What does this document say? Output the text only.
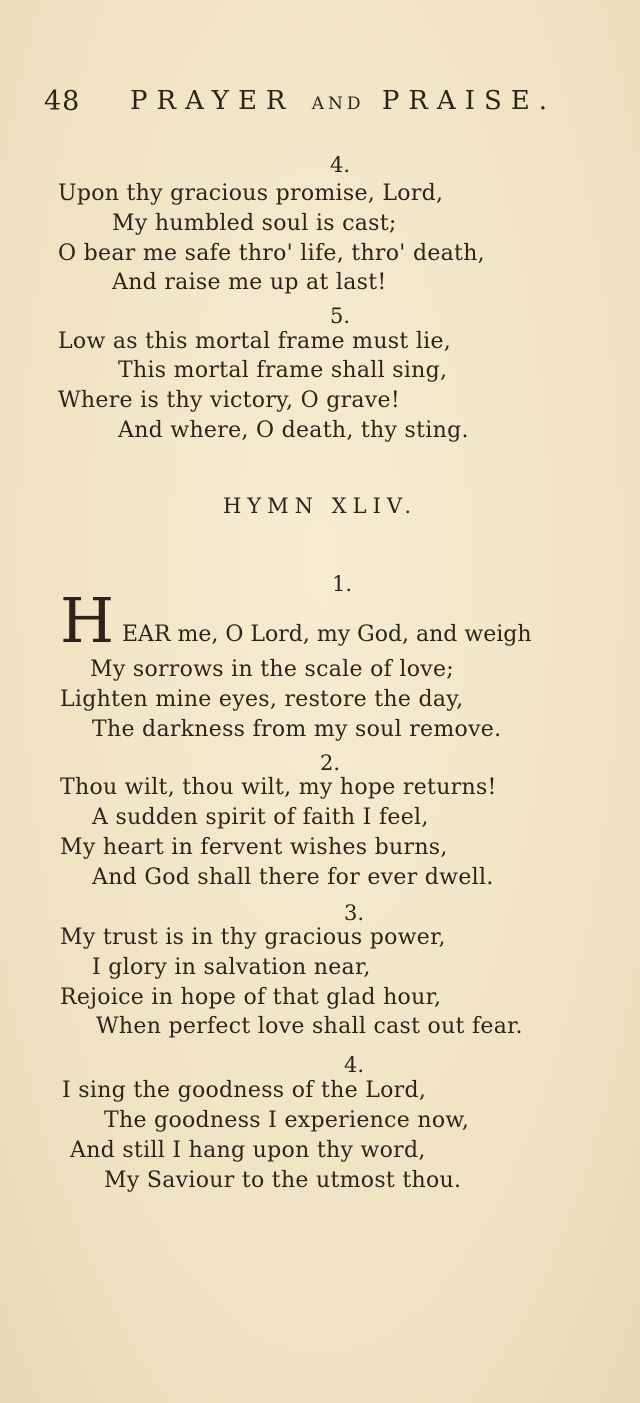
48 PRAYER AND PRAISE.
4.
Upon thy gracious promise, Lord,
My humbled soul is cast;
O bear me safe thro' life, thro' death,
And raise me up at last!
5.
Low as this mortal frame must lie,
This mortal frame shall sing,
Where is thy victory, O grave!
And where, O death, thy sting.
HYMN XLIV.
1.
H EAR me, O Lord, my God, and weigh
My sorrows in the scale of love;
Lighten mine eyes, restore the day,
The darkness from my soul remove.
2.
Thou wilt, thou wilt, my hope returns!
A sudden spirit of faith I feel,
My heart in fervent wishes burns,
And God shall there for ever dwell.
3.
My trust is in thy gracious power,
I glory in salvation near,
Rejoice in hope of that glad hour,
When perfect love shall cast out fear.
4.
I sing the goodness of the Lord,
The goodness I experience now,
And still I hang upon thy word,
My Saviour to the utmost thou.
